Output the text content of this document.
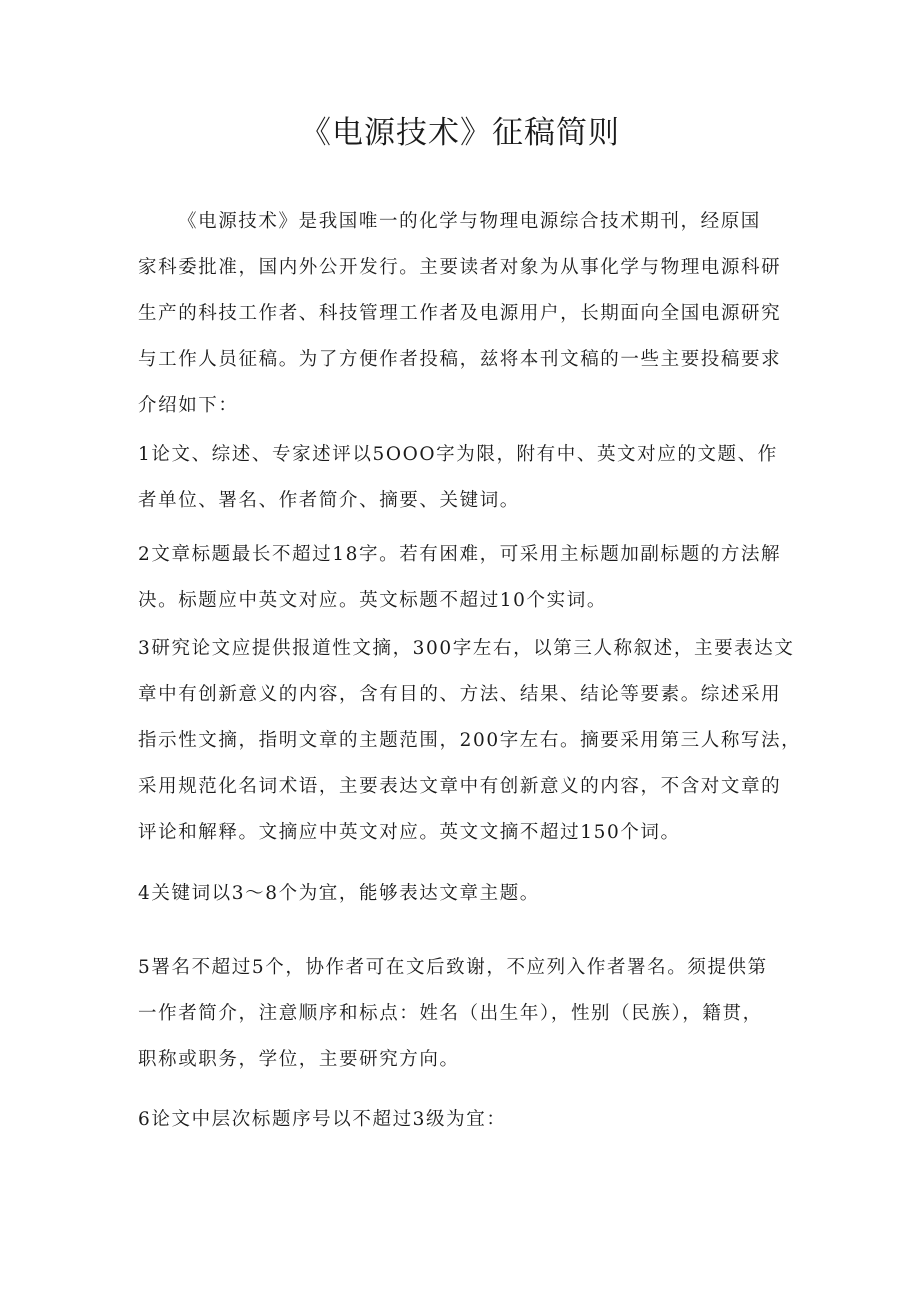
《电源技术》征稿简则

《电源技术》是我国唯一的化学与物理电源综合技术期刊，经原国
家科委批准，国内外公开发行。主要读者对象为从事化学与物理电源科研
生产的科技工作者、科技管理工作者及电源用户，长期面向全国电源研究
与工作人员征稿。为了方便作者投稿，兹将本刊文稿的一些主要投稿要求
介绍如下：

1论文、综述、专家述评以5OOO字为限，附有中、英文对应的文题、作
者单位、署名、作者简介、摘要、关键词。

2文章标题最长不超过18字。若有困难，可采用主标题加副标题的方法解
决。标题应中英文对应。英文标题不超过10个实词。

3研究论文应提供报道性文摘，300字左右，以第三人称叙述，主要表达文
章中有创新意义的内容，含有目的、方法、结果、结论等要素。综述采用
指示性文摘，指明文章的主题范围，200字左右。摘要采用第三人称写法，
采用规范化名词术语，主要表达文章中有创新意义的内容，不含对文章的
评论和解释。文摘应中英文对应。英文文摘不超过150个词。

4关键词以3～8个为宜，能够表达文章主题。

5署名不超过5个，协作者可在文后致谢，不应列入作者署名。须提供第
一作者简介，注意顺序和标点：姓名（出生年），性别（民族），籍贯，
职称或职务，学位，主要研究方向。

6论文中层次标题序号以不超过3级为宜：
